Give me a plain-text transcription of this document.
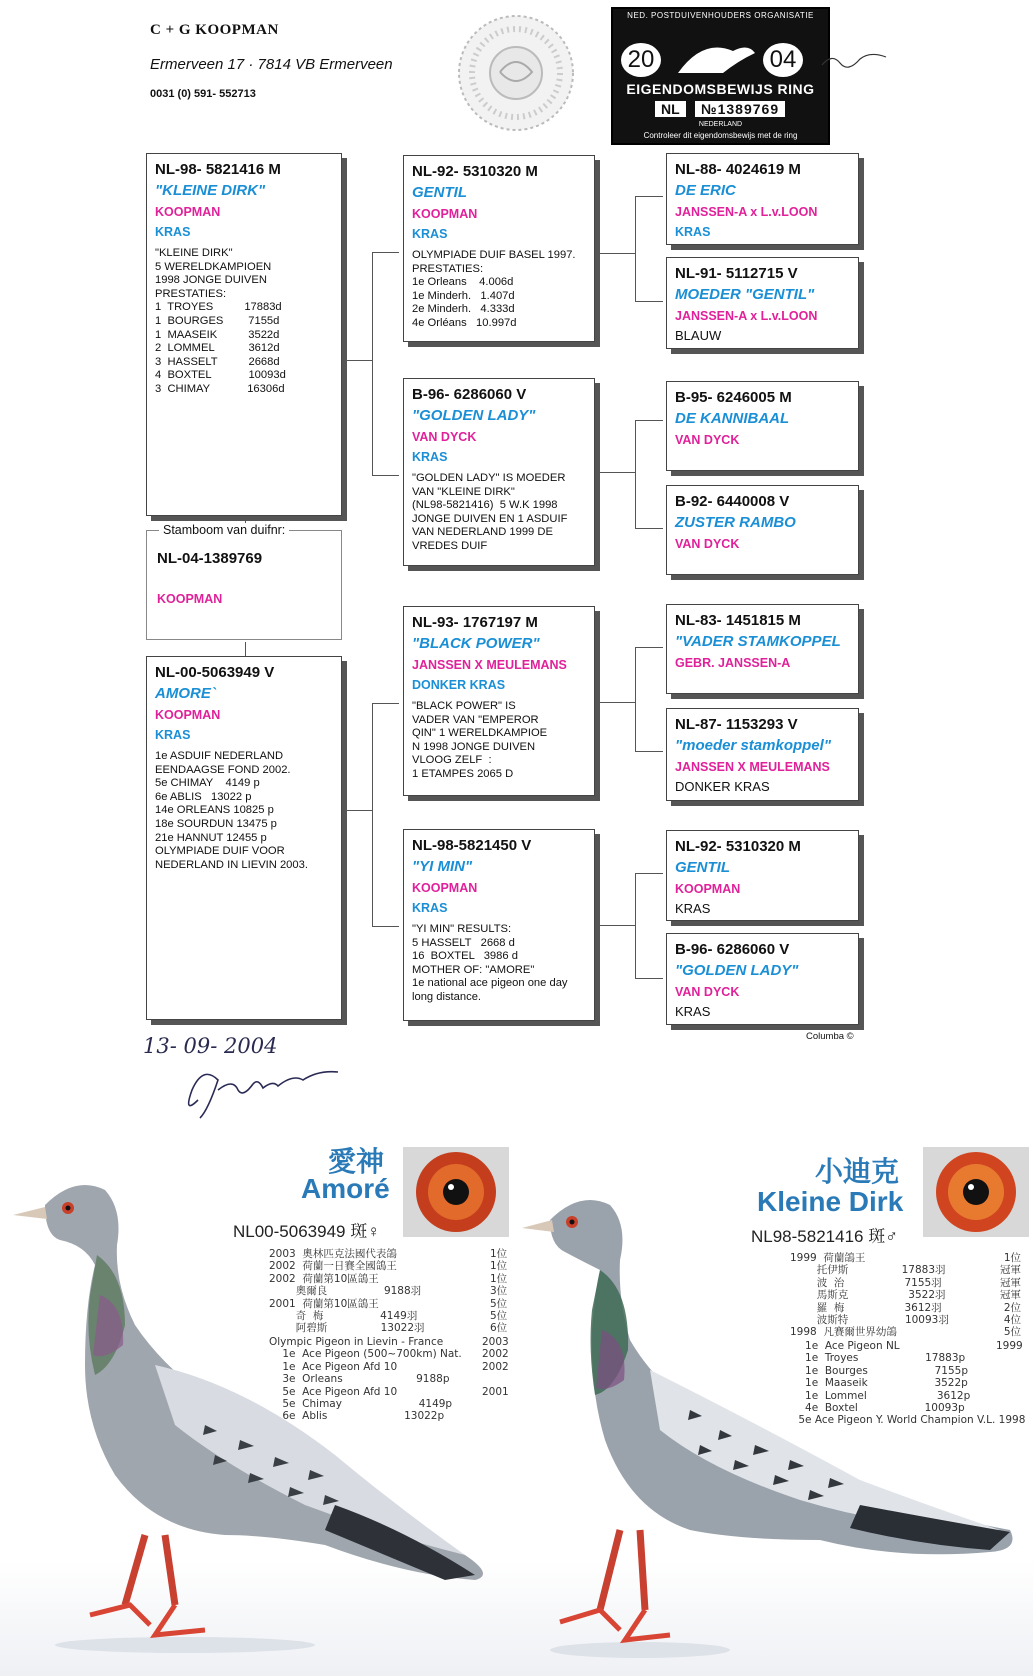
C + G KOOPMAN
Ermerveen 17 · 7814 VB Ermerveen
0031 (0) 591- 552713
NED. POSTDUIVENHOUDERS ORGANISATIE
20	04
EIGENDOMSBEWIJS RING
NL	№1389769
NEDERLAND
Controleer dit eigendomsbewijs met de ring
NL-98- 5821416 M
"KLEINE DIRK"
KOOPMAN
KRAS
"KLEINE DIRK"
5 WERELDKAMPIOEN
1998 JONGE DUIVEN
PRESTATIES:
1  TROYES          17883d
1  BOURGES        7155d
1  MAASEIK          3522d
2  LOMMEL           3612d
3  HASSELT          2668d
4  BOXTEL            10093d
3  CHIMAY            16306d
Stamboom van duifnr:
NL-04-1389769
KOOPMAN
NL-00-5063949 V
AMORE`
KOOPMAN
KRAS
1e ASDUIF NEDERLAND
EENDAAGSE FOND 2002.
5e CHIMAY    4149 p
6e ABLIS   13022 p
14e ORLEANS 10825 p
18e SOURDUN 13475 p
21e HANNUT 12455 p
OLYMPIADE DUIF VOOR
NEDERLAND IN LIEVIN 2003.
NL-92- 5310320 M
GENTIL
KOOPMAN
KRAS
OLYMPIADE DUIF BASEL 1997.
PRESTATIES:
1e Orleans    4.006d
1e Minderh.   1.407d
2e Minderh.   4.333d
4e Orléans   10.997d
B-96- 6286060 V
"GOLDEN LADY"
VAN DYCK
KRAS
"GOLDEN LADY" IS MOEDER
VAN "KLEINE DIRK"
(NL98-5821416)  5 W.K 1998
JONGE DUIVEN EN 1 ASDUIF
VAN NEDERLAND 1999 DE
VREDES DUIF
NL-93- 1767197 M
"BLACK POWER"
JANSSEN X MEULEMANS
DONKER KRAS
"BLACK POWER" IS
VADER VAN "EMPEROR
QIN" 1 WERELDKAMPIOE
N 1998 JONGE DUIVEN
VLOOG ZELF  :
1 ETAMPES 2065 D
NL-98-5821450 V
"YI MIN"
KOOPMAN
KRAS
"YI MIN" RESULTS:
5 HASSELT   2668 d
16  BOXTEL   3986 d
MOTHER OF: "AMORE"
1e national ace pigeon one day
long distance.
NL-88- 4024619 M
DE ERIC
JANSSEN-A x L.v.LOON
KRAS
NL-91- 5112715 V
MOEDER "GENTIL"
JANSSEN-A x L.v.LOON
BLAUW
B-95- 6246005 M
DE KANNIBAAL
VAN DYCK
B-92- 6440008 V
ZUSTER RAMBO
VAN DYCK
NL-83- 1451815 M
"VADER STAMKOPPEL
GEBR. JANSSEN-A
NL-87- 1153293 V
"moeder stamkoppel"
JANSSEN X MEULEMANS
DONKER KRAS
NL-92- 5310320 M
GENTIL
KOOPMAN
KRAS
B-96- 6286060 V
"GOLDEN LADY"
VAN DYCK
KRAS
Columba ©
13- 09- 2004
愛神
Amoré
NL00-5063949 斑♀
2003  奧林匹克法國代表鴿
2002  荷蘭一日賽全國鴿王
2002  荷蘭第10區鴿王
奧爾良                 9188羽
2001  荷蘭第10區鴿王
奇  梅                 4149羽
阿碧斯                13022羽
1位
1位
1位
3位
5位
5位
6位
Olympic Pigeon in Lievin - France
1e  Ace Pigeon (500~700km) Nat.
1e  Ace Pigeon Afd 10
3e  Orleans                      9188p
5e  Ace Pigeon Afd 10
5e  Chimay                       4149p
6e  Ablis                       13022p
2003
2002
2002

2001
小迪克
Kleine Dirk
NL98-5821416 斑♂
1999  荷蘭鴿王
托伊斯                17883羽
波  治                  7155羽
馬斯克                  3522羽
羅  梅                  3612羽
波斯特                 10093羽
1998  凡賽爾世界幼鴿
1位
冠軍
冠軍
冠軍
2位
4位
5位
1e  Ace Pigeon NL
1e  Troyes                    17883p
1e  Bourges                    7155p
1e  Maaseik                    3522p
1e  Lommel                     3612p
4e  Boxtel                    10093p
5e Ace Pigeon Y. World Champion V.L. 1998
1999
